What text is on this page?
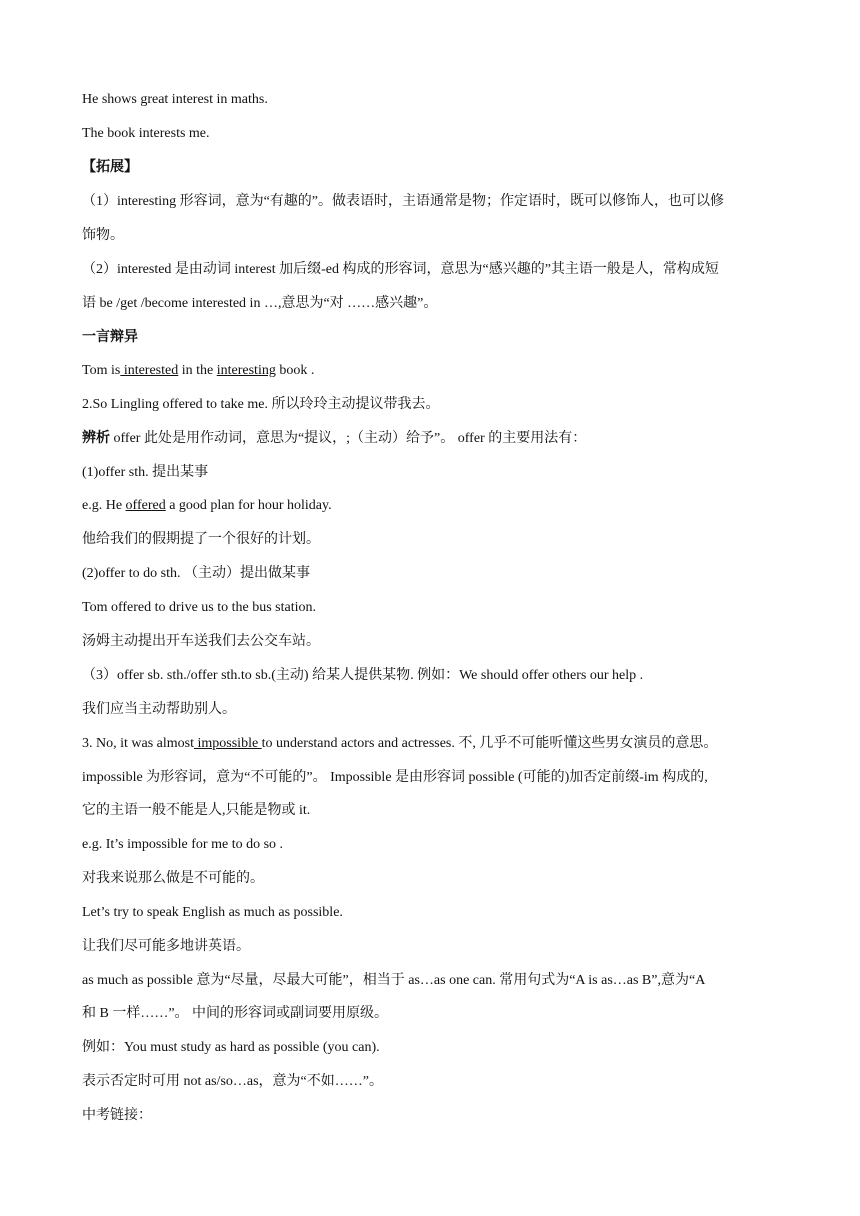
He shows great interest in maths.
The book interests me.
【拓展】
（1）interesting 形容词，意为“有趣的”。做表语时，主语通常是物；作定语时，既可以修饰人，也可以修
饰物。
（2）interested 是由动词 interest 加后缀-ed 构成的形容词，意思为“感兴趣的”其主语一般是人，常构成短
语 be /get /become interested in …,意思为“对 ……感兴趣”。
一言辩异
Tom is interested in the interesting book .
2.So Lingling offered to take me. 所以玲玲主动提议带我去。
辨析 offer 此处是用作动词，意思为“提议，;（主动）给予”。 offer 的主要用法有：
(1)offer sth. 提出某事
e.g. He offered a good plan for hour holiday.
他给我们的假期提了一个很好的计划。
(2)offer to do sth. （主动）提出做某事
Tom offered to drive us to the bus station.
汤姆主动提出开车送我们去公交车站。
（3）offer sb. sth./offer sth.to sb.(主动) 给某人提供某物. 例如：We should offer others our help .
我们应当主动帮助别人。
3. No, it was almost impossible to understand actors and actresses. 不, 几乎不可能听懂这些男女演员的意思。
impossible 为形容词，意为“不可能的”。 Impossible 是由形容词 possible (可能的)加否定前缀-im 构成的,
它的主语一般不能是人,只能是物或 it.
e.g. It’s impossible for me to do so .
对我来说那么做是不可能的。
Let’s try to speak English as much as possible.
让我们尽可能多地讲英语。
as much as possible 意为“尽量，尽最大可能”，相当于 as…as one can. 常用句式为“A is as…as B”,意为“A
和 B 一样……”。 中间的形容词或副词要用原级。
例如：You must study as hard as possible (you can).
表示否定时可用 not as/so…as，意为“不如……”。
中考链接：
